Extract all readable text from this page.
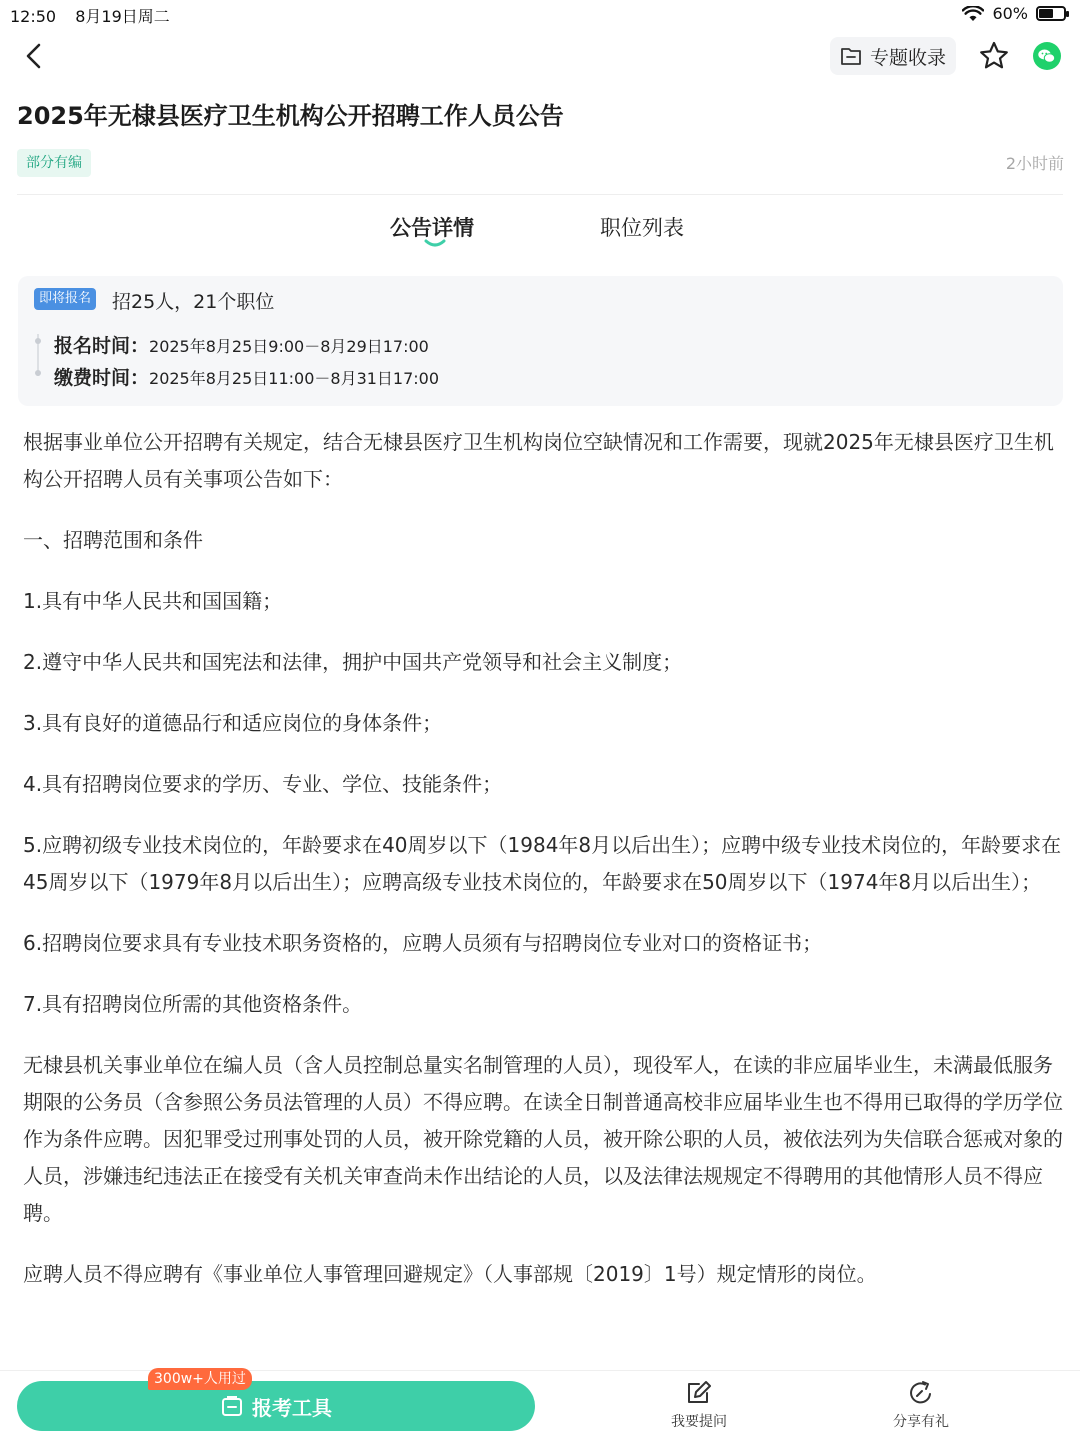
12:50 8月19日周二	60%
专题收录
2025年无棣县医疗卫生机构公开招聘工作人员公告
部分有编	2小时前
公告详情	职位列表
即将报名 招25人，21个职位
报名时间：2025年8月25日9:00－8月29日17:00
缴费时间：2025年8月25日11:00－8月31日17:00

根据事业单位公开招聘有关规定，结合无棣县医疗卫生机构岗位空缺情况和工作需要，现就2025年无棣县医疗卫生机构公开招聘人员有关事项公告如下：

一、招聘范围和条件

1.具有中华人民共和国国籍；

2.遵守中华人民共和国宪法和法律，拥护中国共产党领导和社会主义制度；

3.具有良好的道德品行和适应岗位的身体条件；

4.具有招聘岗位要求的学历、专业、学位、技能条件；

5.应聘初级专业技术岗位的，年龄要求在40周岁以下（1984年8月以后出生）；应聘中级专业技术岗位的，年龄要求在45周岁以下（1979年8月以后出生）；应聘高级专业技术岗位的，年龄要求在50周岁以下（1974年8月以后出生）；

6.招聘岗位要求具有专业技术职务资格的，应聘人员须有与招聘岗位专业对口的资格证书；

7.具有招聘岗位所需的其他资格条件。

无棣县机关事业单位在编人员（含人员控制总量实名制管理的人员），现役军人，在读的非应届毕业生，未满最低服务期限的公务员（含参照公务员法管理的人员）不得应聘。在读全日制普通高校非应届毕业生也不得用已取得的学历学位作为条件应聘。因犯罪受过刑事处罚的人员，被开除党籍的人员，被开除公职的人员，被依法列为失信联合惩戒对象的人员，涉嫌违纪违法正在接受有关机关审查尚未作出结论的人员，以及法律法规规定不得聘用的其他情形人员不得应聘。

应聘人员不得应聘有《事业单位人事管理回避规定》（人事部规〔2019〕1号）规定情形的岗位。

报考工具
300w+人用过
我要提问	分享有礼
